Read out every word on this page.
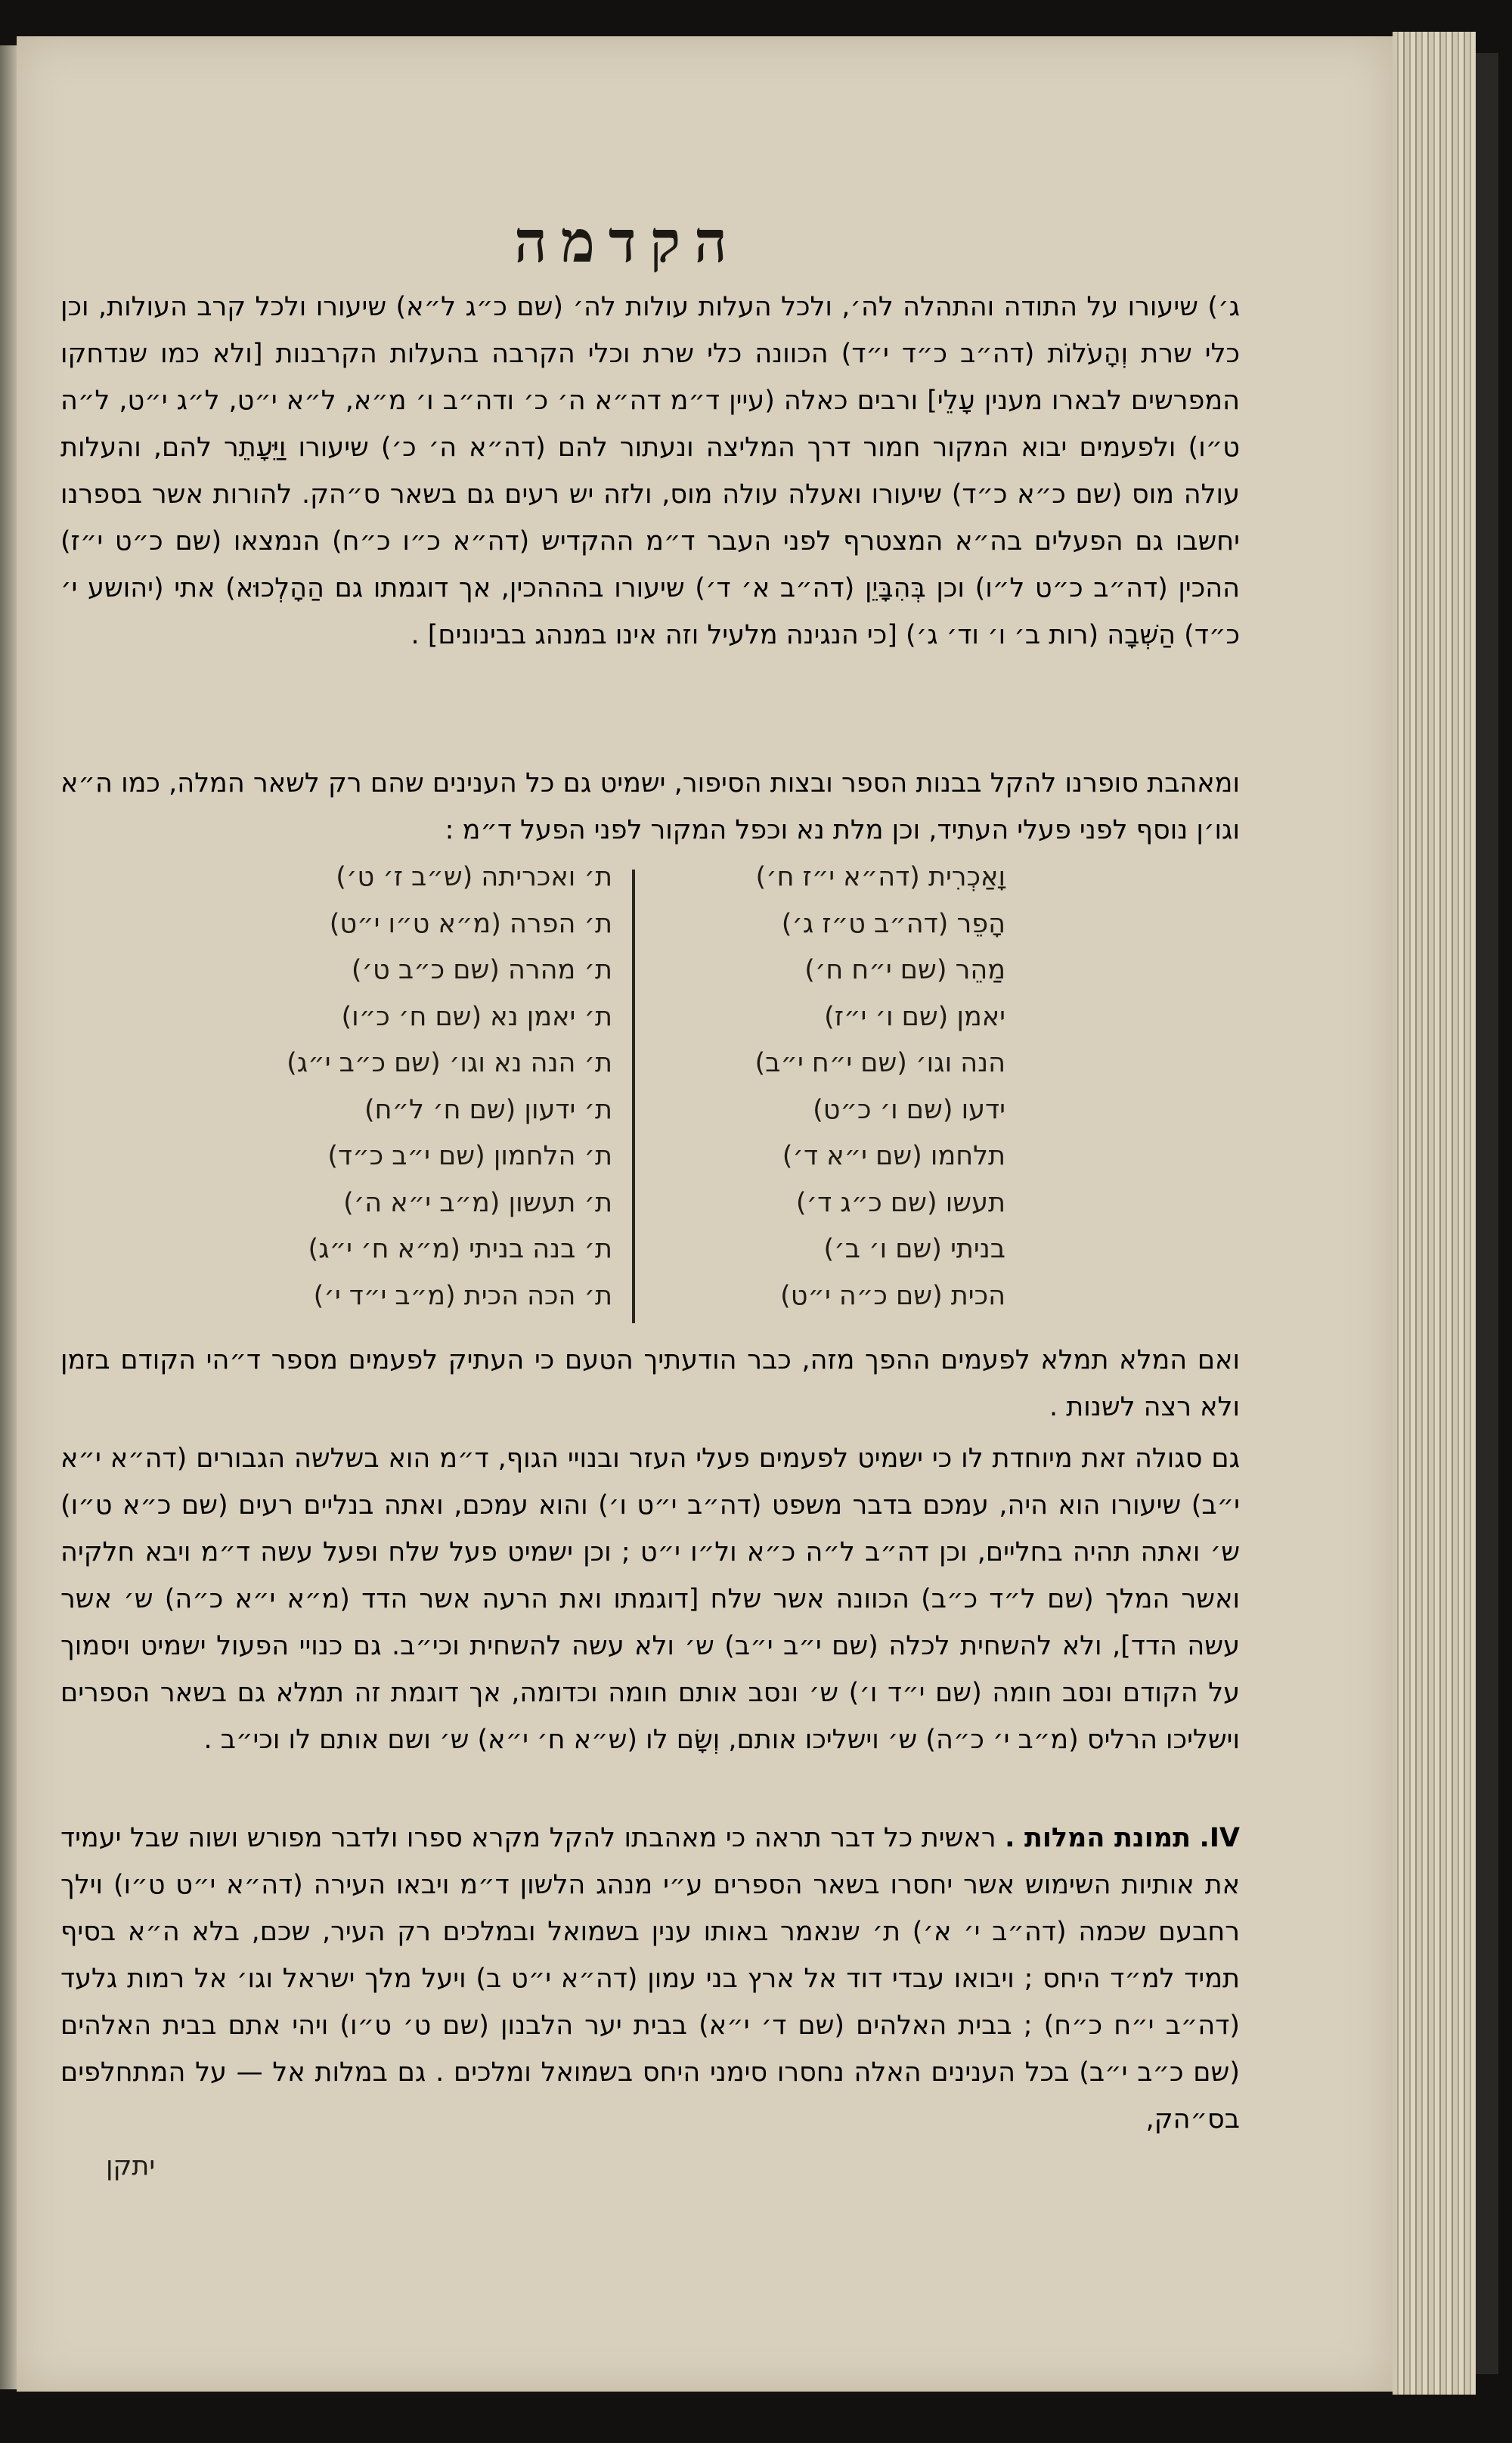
הקדמה

ג׳) שיעורו על התודה והתהלה לה׳, ולכל העלות עולות לה׳ (שם כ״ג ל״א) שיעורו ולכל קרב העולות, וכן כלי שרת וְהָעֹלוֹת (דה״ב כ״ד י״ד) הכוונה כלי שרת וכלי הקרבה בהעלות הקרבנות [ולא כמו שנדחקו המפרשים לבארו מענין עָלֵי] ורבים כאלה (עיין ד״מ דה״א ה׳ כ׳ ודה״ב ו׳ מ״א, ל״א י״ט, ל״ג י״ט, ל״ה ט״ו) ולפעמים יבוא המקור חמור דרך המליצה ונעתור להם (דה״א ה׳ כ׳) שיעורו וַיֵּעָתֵר להם, והעלות עולה מוס (שם כ״א כ״ד) שיעורו ואעלה עולה מוס, ולזה יש רעים גם בשאר ס״הק. להורות אשר בספרנו יחשבו גם הפעלים בה״א המצטרף לפני העבר ד״מ ההקדיש (דה״א כ״ו כ״ח) הנמצאו (שם כ״ט י״ז) ההכין (דה״ב כ״ט ל״ו) וכן בְּהִבָּיֵן (דה״ב א׳ ד׳) שיעורו בהההכין, אך דוגמתו גם הַהָלְכוּא) אתי (יהושע י׳ כ״ד) הַשְּׁבָה (רות ב׳ ו׳ וד׳ ג׳) [כי הנגינה מלעיל וזה אינו במנהג בבינונים] .

ומאהבת סופרנו להקל בבנות הספר ובצות הסיפור, ישמיט גם כל הענינים שהם רק לשאר המלה, כמו ה״א וגו׳ן נוסף לפני פעלי העתיד, וכן מלת נא וכפל המקור לפני הפעל ד״מ :

וָאַכְרִית (דה״א י״ז ח׳)
הָפֵר (דה״ב ט״ז ג׳)
מַהֵר (שם י״ח ח׳)
יאמן (שם ו׳ י״ז)
הנה וגו׳ (שם י״ח י״ב)
ידעו (שם ו׳ כ״ט)
תלחמו (שם י״א ד׳)
תעשו (שם כ״ג ד׳)
בניתי (שם ו׳ ב׳)
הכית (שם כ״ה י״ט)
ת׳ ואכריתה (ש״ב ז׳ ט׳)
ת׳ הפרה (מ״א ט״ו י״ט)
ת׳ מהרה (שם כ״ב ט׳)
ת׳ יאמן נא (שם ח׳ כ״ו)
ת׳ הנה נא וגו׳ (שם כ״ב י״ג)
ת׳ ידעון (שם ח׳ ל״ח)
ת׳ הלחמון (שם י״ב כ״ד)
ת׳ תעשון (מ״ב י״א ה׳)
ת׳ בנה בניתי (מ״א ח׳ י״ג)
ת׳ הכה הכית (מ״ב י״ד י׳)

ואם המלא תמלא לפעמים ההפך מזה, כבר הודעתיך הטעם כי העתיק לפעמים מספר ד״הי הקודם בזמן ולא רצה לשנות .

גם סגולה זאת מיוחדת לו כי ישמיט לפעמים פעלי העזר ובנויי הגוף, ד״מ הוא בשלשה הגבורים (דה״א י״א י״ב) שיעורו הוא היה, עמכם בדבר משפט (דה״ב י״ט ו׳) והוא עמכם, ואתה בנליים רעים (שם כ״א ט״ו) ש׳ ואתה תהיה בחליים, וכן דה״ב ל״ה כ״א ול״ו י״ט ; וכן ישמיט פעל שלח ופעל עשה ד״מ ויבא חלקיה ואשר המלך (שם ל״ד כ״ב) הכוונה אשר שלח [דוגמתו ואת הרעה אשר הדד (מ״א י״א כ״ה) ש׳ אשר עשה הדד], ולא להשחית לכלה (שם י״ב י״ב) ש׳ ולא עשה להשחית וכי״ב. גם כנויי הפעול ישמיט ויסמוך על הקודם ונסב חומה (שם י״ד ו׳) ש׳ ונסב אותם חומה וכדומה, אך דוגמת זה תמלא גם בשאר הספרים וישליכו הרליס (מ״ב י׳ כ״ה) ש׳ וישליכו אותם, וְשָׂם לו (ש״א ח׳ י״א) ש׳ ושם אותם לו וכי״ב .

IV. תמונת המלות . ראשית כל דבר תראה כי מאהבתו להקל מקרא ספרו ולדבר מפורש ושוה שבל יעמיד את אותיות השימוש אשר יחסרו בשאר הספרים ע״י מנהג הלשון ד״מ ויבאו העירה (דה״א י״ט ט״ו) וילך רחבעם שכמה (דה״ב י׳ א׳) ת׳ שנאמר באותו ענין בשמואל ובמלכים רק העיר, שכם, בלא ה״א בסיף תמיד למ״ד היחס ; ויבואו עבדי דוד אל ארץ בני עמון (דה״א י״ט ב) ויעל מלך ישראל וגו׳ אל רמות גלעד (דה״ב י״ח כ״ח) ; בבית האלהים (שם ד׳ י״א) בבית יער הלבנון (שם ט׳ ט״ו) ויהי אתם בבית האלהים (שם כ״ב י״ב) בכל הענינים האלה נחסרו סימני היחס בשמואל ומלכים . גם במלות אל — על המתחלפים בס״הק,

יתקן
